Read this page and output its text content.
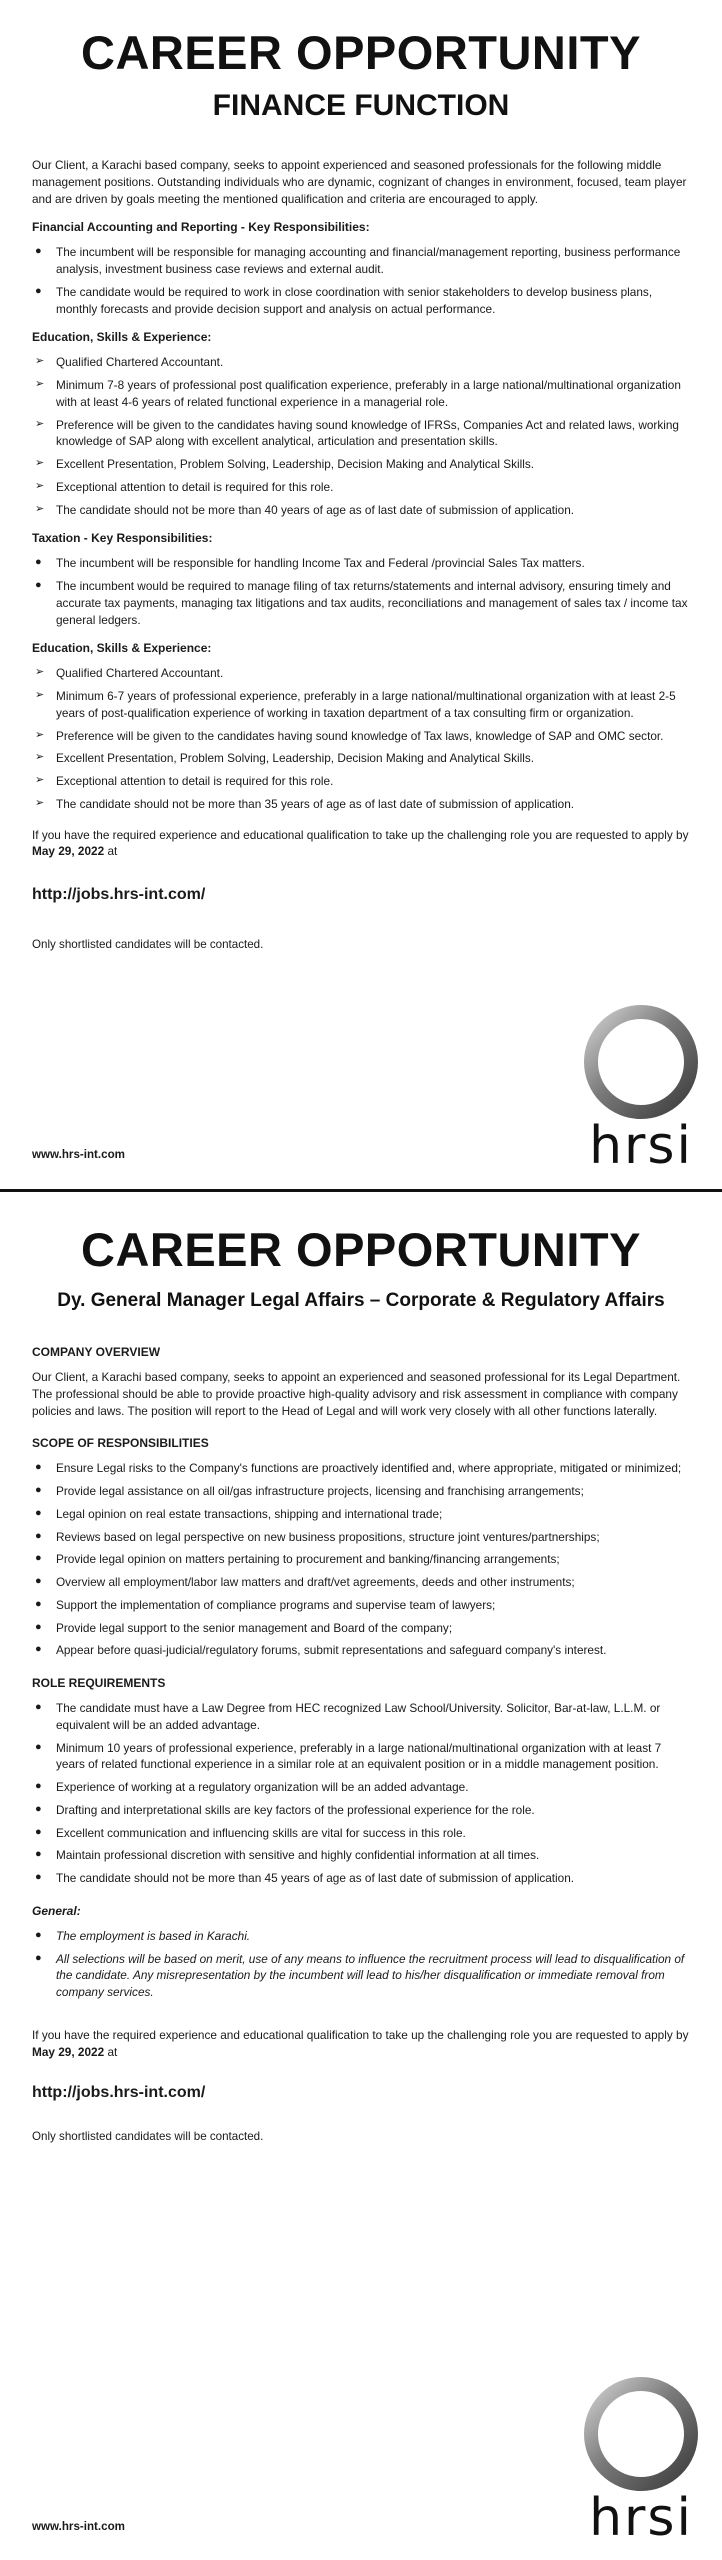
CAREER OPPORTUNITY
FINANCE FUNCTION

Our Client, a Karachi based company, seeks to appoint experienced and seasoned professionals for the following middle management positions. Outstanding individuals who are dynamic, cognizant of changes in environment, focused, team player and are driven by goals meeting the mentioned qualification and criteria are encouraged to apply.

Financial Accounting and Reporting - Key Responsibilities:

● The incumbent will be responsible for managing accounting and financial/management reporting, business performance analysis, investment business case reviews and external audit.
● The candidate would be required to work in close coordination with senior stakeholders to develop business plans, monthly forecasts and provide decision support and analysis on actual performance.

Education, Skills & Experience:

➢ Qualified Chartered Accountant.
➢ Minimum 7-8 years of professional post qualification experience, preferably in a large national/multinational organization with at least 4-6 years of related functional experience in a managerial role.
➢ Preference will be given to the candidates having sound knowledge of IFRSs, Companies Act and related laws, working knowledge of SAP along with excellent analytical, articulation and presentation skills.
➢ Excellent Presentation, Problem Solving, Leadership, Decision Making and Analytical Skills.
➢ Exceptional attention to detail is required for this role.
➢ The candidate should not be more than 40 years of age as of last date of submission of application.

Taxation - Key Responsibilities:

● The incumbent will be responsible for handling Income Tax and Federal /provincial Sales Tax matters.
● The incumbent would be required to manage filing of tax returns/statements and internal advisory, ensuring timely and accurate tax payments, managing tax litigations and tax audits, reconciliations and management of sales tax / income tax general ledgers.

Education, Skills & Experience:

➢ Qualified Chartered Accountant.
➢ Minimum 6-7 years of professional experience, preferably in a large national/multinational organization with at least 2-5 years of post-qualification experience of working in taxation department of a tax consulting firm or organization.
➢ Preference will be given to the candidates having sound knowledge of Tax laws, knowledge of SAP and OMC sector.
➢ Excellent Presentation, Problem Solving, Leadership, Decision Making and Analytical Skills.
➢ Exceptional attention to detail is required for this role.
➢ The candidate should not be more than 35 years of age as of last date of submission of application.

If you have the required experience and educational qualification to take up the challenging role you are requested to apply by May 29, 2022 at

http://jobs.hrs-int.com/

Only shortlisted candidates will be contacted.

www.hrs-int.com	hrsi
CAREER OPPORTUNITY
Dy. General Manager Legal Affairs – Corporate & Regulatory Affairs

COMPANY OVERVIEW

Our Client, a Karachi based company, seeks to appoint an experienced and seasoned professional for its Legal Department. The professional should be able to provide proactive high-quality advisory and risk assessment in compliance with company policies and laws. The position will report to the Head of Legal and will work very closely with all other functions laterally.

SCOPE OF RESPONSIBILITIES

● Ensure Legal risks to the Company's functions are proactively identified and, where appropriate, mitigated or minimized;
● Provide legal assistance on all oil/gas infrastructure projects, licensing and franchising arrangements;
● Legal opinion on real estate transactions, shipping and international trade;
● Reviews based on legal perspective on new business propositions, structure joint ventures/partnerships;
● Provide legal opinion on matters pertaining to procurement and banking/financing arrangements;
● Overview all employment/labor law matters and draft/vet agreements, deeds and other instruments;
● Support the implementation of compliance programs and supervise team of lawyers;
● Provide legal support to the senior management and Board of the company;
● Appear before quasi-judicial/regulatory forums, submit representations and safeguard company's interest.

ROLE REQUIREMENTS

● The candidate must have a Law Degree from HEC recognized Law School/University. Solicitor, Bar-at-law, L.L.M. or equivalent will be an added advantage.
● Minimum 10 years of professional experience, preferably in a large national/multinational organization with at least 7 years of related functional experience in a similar role at an equivalent position or in a middle management position.
● Experience of working at a regulatory organization will be an added advantage.
● Drafting and interpretational skills are key factors of the professional experience for the role.
● Excellent communication and influencing skills are vital for success in this role.
● Maintain professional discretion with sensitive and highly confidential information at all times.
● The candidate should not be more than 45 years of age as of last date of submission of application.

General:

● The employment is based in Karachi.
● All selections will be based on merit, use of any means to influence the recruitment process will lead to disqualification of the candidate. Any misrepresentation by the incumbent will lead to his/her disqualification or immediate removal from company services.

If you have the required experience and educational qualification to take up the challenging role you are requested to apply by May 29, 2022 at

http://jobs.hrs-int.com/

Only shortlisted candidates will be contacted.

www.hrs-int.com	hrsi
